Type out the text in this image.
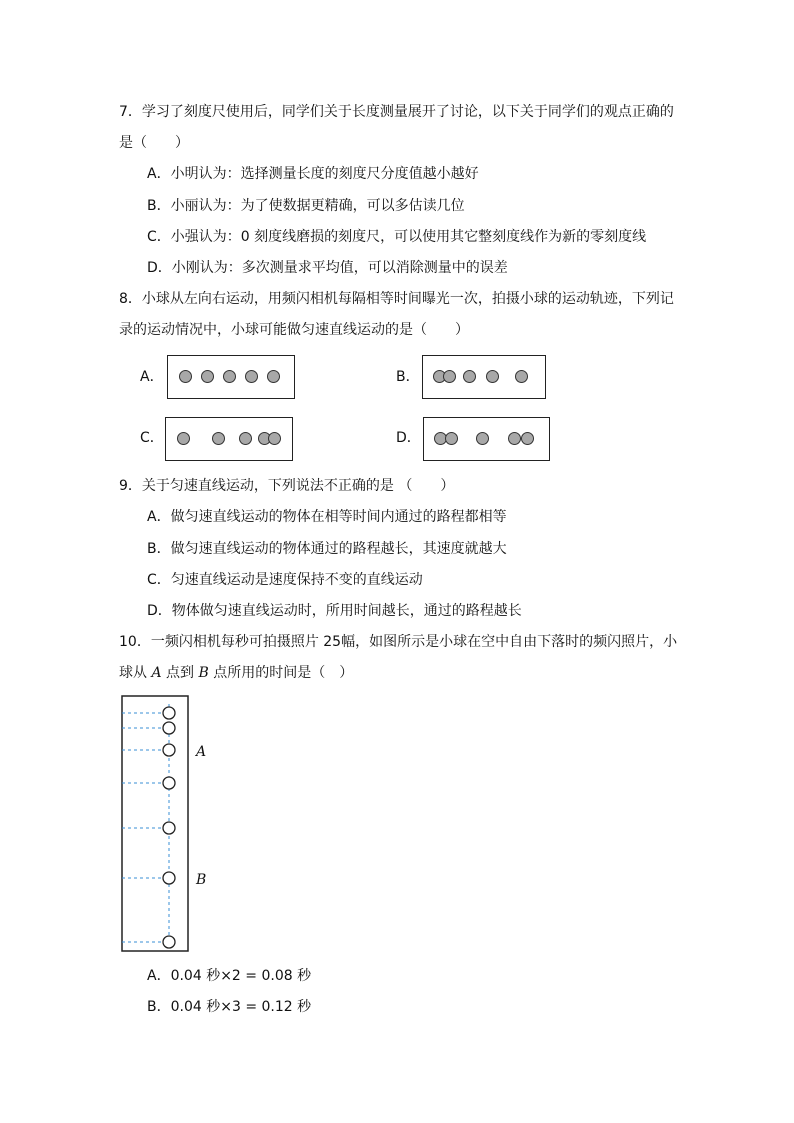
7．学习了刻度尺使用后，同学们关于长度测量展开了讨论，以下关于同学们的观点正确的
是（　　）
A．小明认为：选择测量长度的刻度尺分度值越小越好
B．小丽认为：为了使数据更精确，可以多估读几位
C．小强认为：0 刻度线磨损的刻度尺，可以使用其它整刻度线作为新的零刻度线
D．小刚认为：多次测量求平均值，可以消除测量中的误差
8．小球从左向右运动，用频闪相机每隔相等时间曝光一次，拍摄小球的运动轨迹，下列记
录的运动情况中，小球可能做匀速直线运动的是（　　）
A．	B．
C．	D．
9．关于匀速直线运动，下列说法不正确的是 （　　）
A．做匀速直线运动的物体在相等时间内通过的路程都相等
B．做匀速直线运动的物体通过的路程越长，其速度就越大
C．匀速直线运动是速度保持不变的直线运动
D．物体做匀速直线运动时，所用时间越长，通过的路程越长
10．一频闪相机每秒可拍摄照片 25幅，如图所示是小球在空中自由下落时的频闪照片，小
球从 A 点到 B 点所用的时间是（　）
A
B
A．0.04 秒×2 = 0.08 秒
B．0.04 秒×3 = 0.12 秒
